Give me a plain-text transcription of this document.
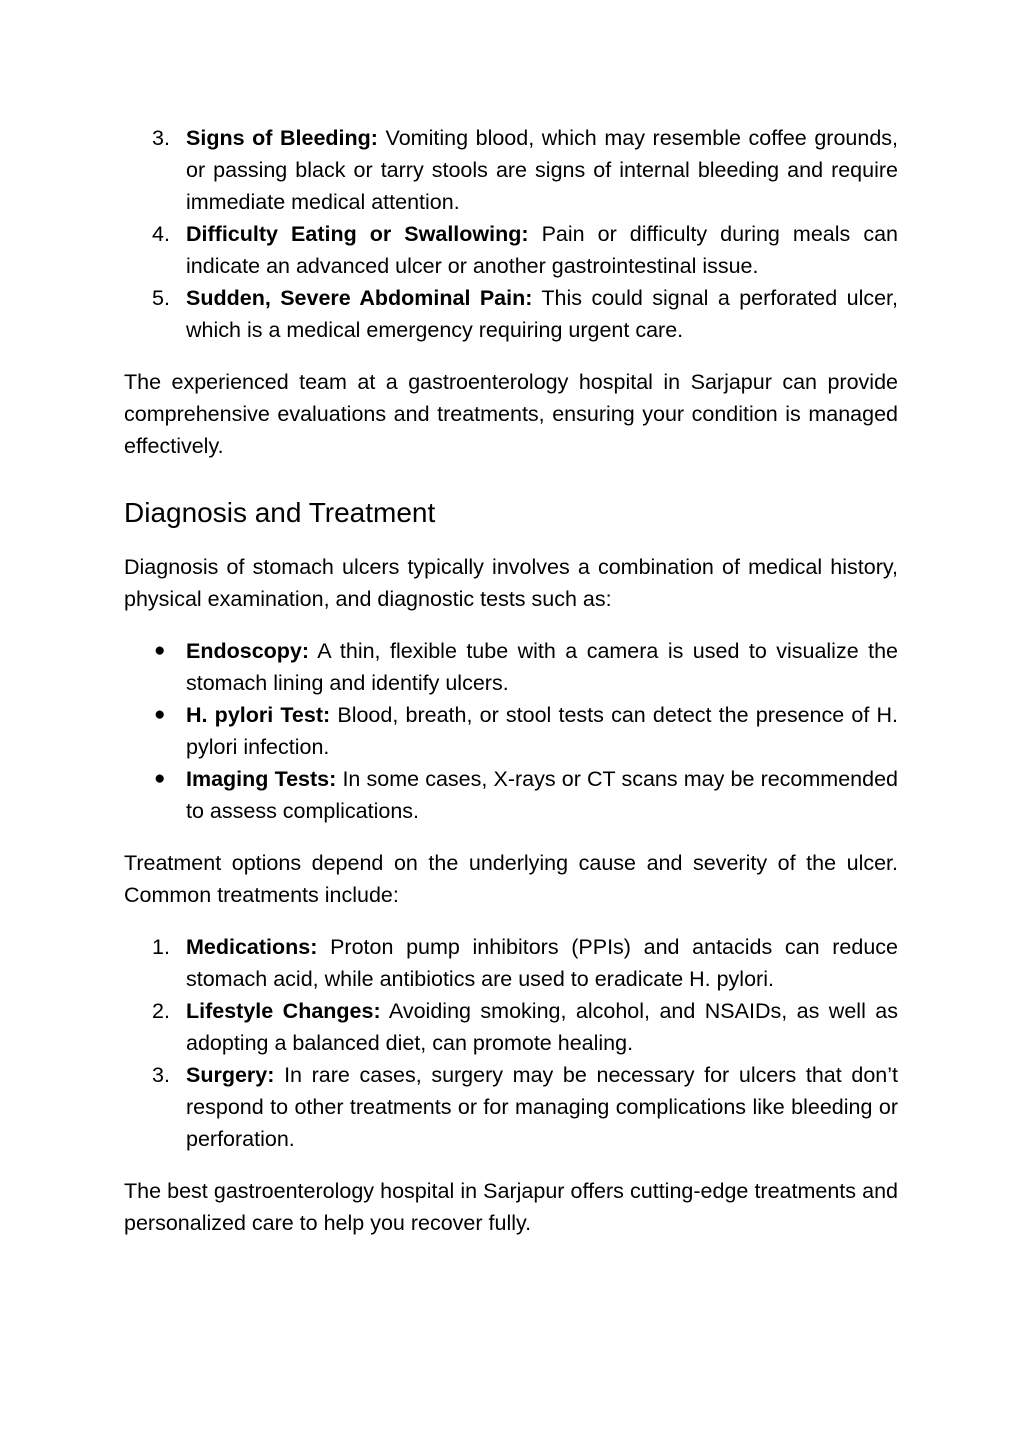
3. Signs of Bleeding: Vomiting blood, which may resemble coffee grounds, or passing black or tarry stools are signs of internal bleeding and require immediate medical attention.
4. Difficulty Eating or Swallowing: Pain or difficulty during meals can indicate an advanced ulcer or another gastrointestinal issue.
5. Sudden, Severe Abdominal Pain: This could signal a perforated ulcer, which is a medical emergency requiring urgent care.

The experienced team at a gastroenterology hospital in Sarjapur can provide comprehensive evaluations and treatments, ensuring your condition is managed effectively.

Diagnosis and Treatment

Diagnosis of stomach ulcers typically involves a combination of medical history, physical examination, and diagnostic tests such as:

● Endoscopy: A thin, flexible tube with a camera is used to visualize the stomach lining and identify ulcers.
● H. pylori Test: Blood, breath, or stool tests can detect the presence of H. pylori infection.
● Imaging Tests: In some cases, X-rays or CT scans may be recommended to assess complications.

Treatment options depend on the underlying cause and severity of the ulcer. Common treatments include:

1. Medications: Proton pump inhibitors (PPIs) and antacids can reduce stomach acid, while antibiotics are used to eradicate H. pylori.
2. Lifestyle Changes: Avoiding smoking, alcohol, and NSAIDs, as well as adopting a balanced diet, can promote healing.
3. Surgery: In rare cases, surgery may be necessary for ulcers that don’t respond to other treatments or for managing complications like bleeding or perforation.

The best gastroenterology hospital in Sarjapur offers cutting-edge treatments and personalized care to help you recover fully.
